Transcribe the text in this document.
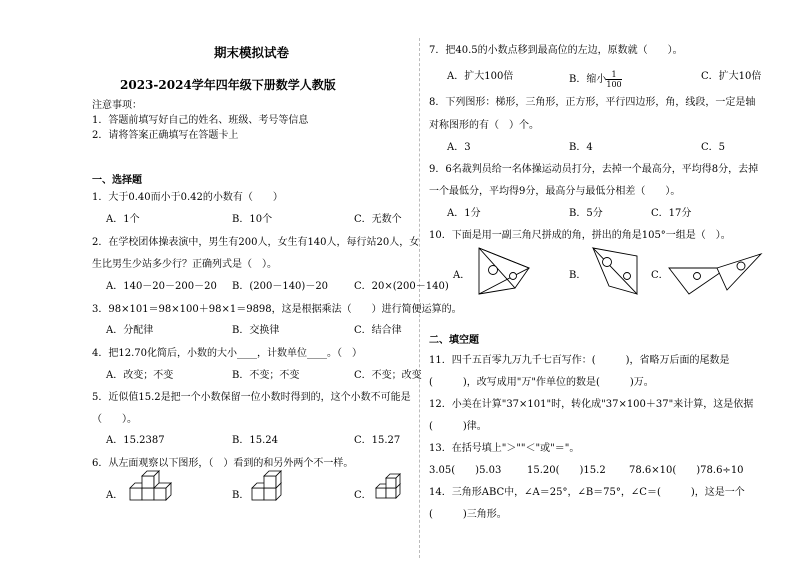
期末模拟试卷
2023-2024学年四年级下册数学人教版
注意事项：
1．答题前填写好自己的姓名、班级、考号等信息
2．请将答案正确填写在答题卡上
一、选择题
1．大于0.40而小于0.42的小数有（　　）
A．1个	B．10个	C．无数个
2．在学校团体操表演中，男生有200人，女生有140人，每行站20人，女
生比男生少站多少行？正确列式是（　）。
A．140－20－200－20 B．(200－140)－20	C．20×(200－140)
3．98×101＝98×100＋98×1＝9898，这是根据乘法（　　）进行简便运算的。
A．分配律	B．交换律	C．结合律
4．把12.70化简后，小数的大小____，计数单位____。（　）
A．改变；不变	B．不变；不变	C．不变；改变
5．近似值15.2是把一个小数保留一位小数时得到的，这个小数不可能是
（　　）。
A．15.2387	B．15.24	C．15.27
6．从左面观察以下图形，（　）看到的和另外两个不一样。
A．	B．	C．
7．把40.5的小数点移到最高位的左边，原数就（　　）。
A．扩大100倍	B．缩小 $\frac{1}{100}$	C．扩大10倍
8．下列图形：梯形，三角形，正方形，平行四边形，角，线段，一定是轴
对称图形的有（　）个。
A．3	B．4	C．5
9．6名裁判员给一名体操运动员打分，去掉一个最高分，平均得8分，去掉
一个最低分，平均得9分，最高分与最低分相差（　　）。
A．1分	B．5分	C．17分
10．下面是用一副三角尺拼成的角，拼出的角是105°一组是（　）。
A．	B．	C．
二、填空题
11．四千五百零九万九千七百写作：(　　　)，省略万后面的尾数是
(　　　)，改写成用"万"作单位的数是(　　　)万。
12．小美在计算"37×101"时，转化成"37×100＋37"来计算，这是依据
(　　　)律。
13．在括号填上"＞""＜"或"＝"。
3.05(　　)5.03	15.20(　　)15.2 78.6×10(　　)78.6÷10
14．三角形ABC中，∠A＝25°，∠B＝75°，∠C＝(　　　)，这是一个
(　　　)三角形。
